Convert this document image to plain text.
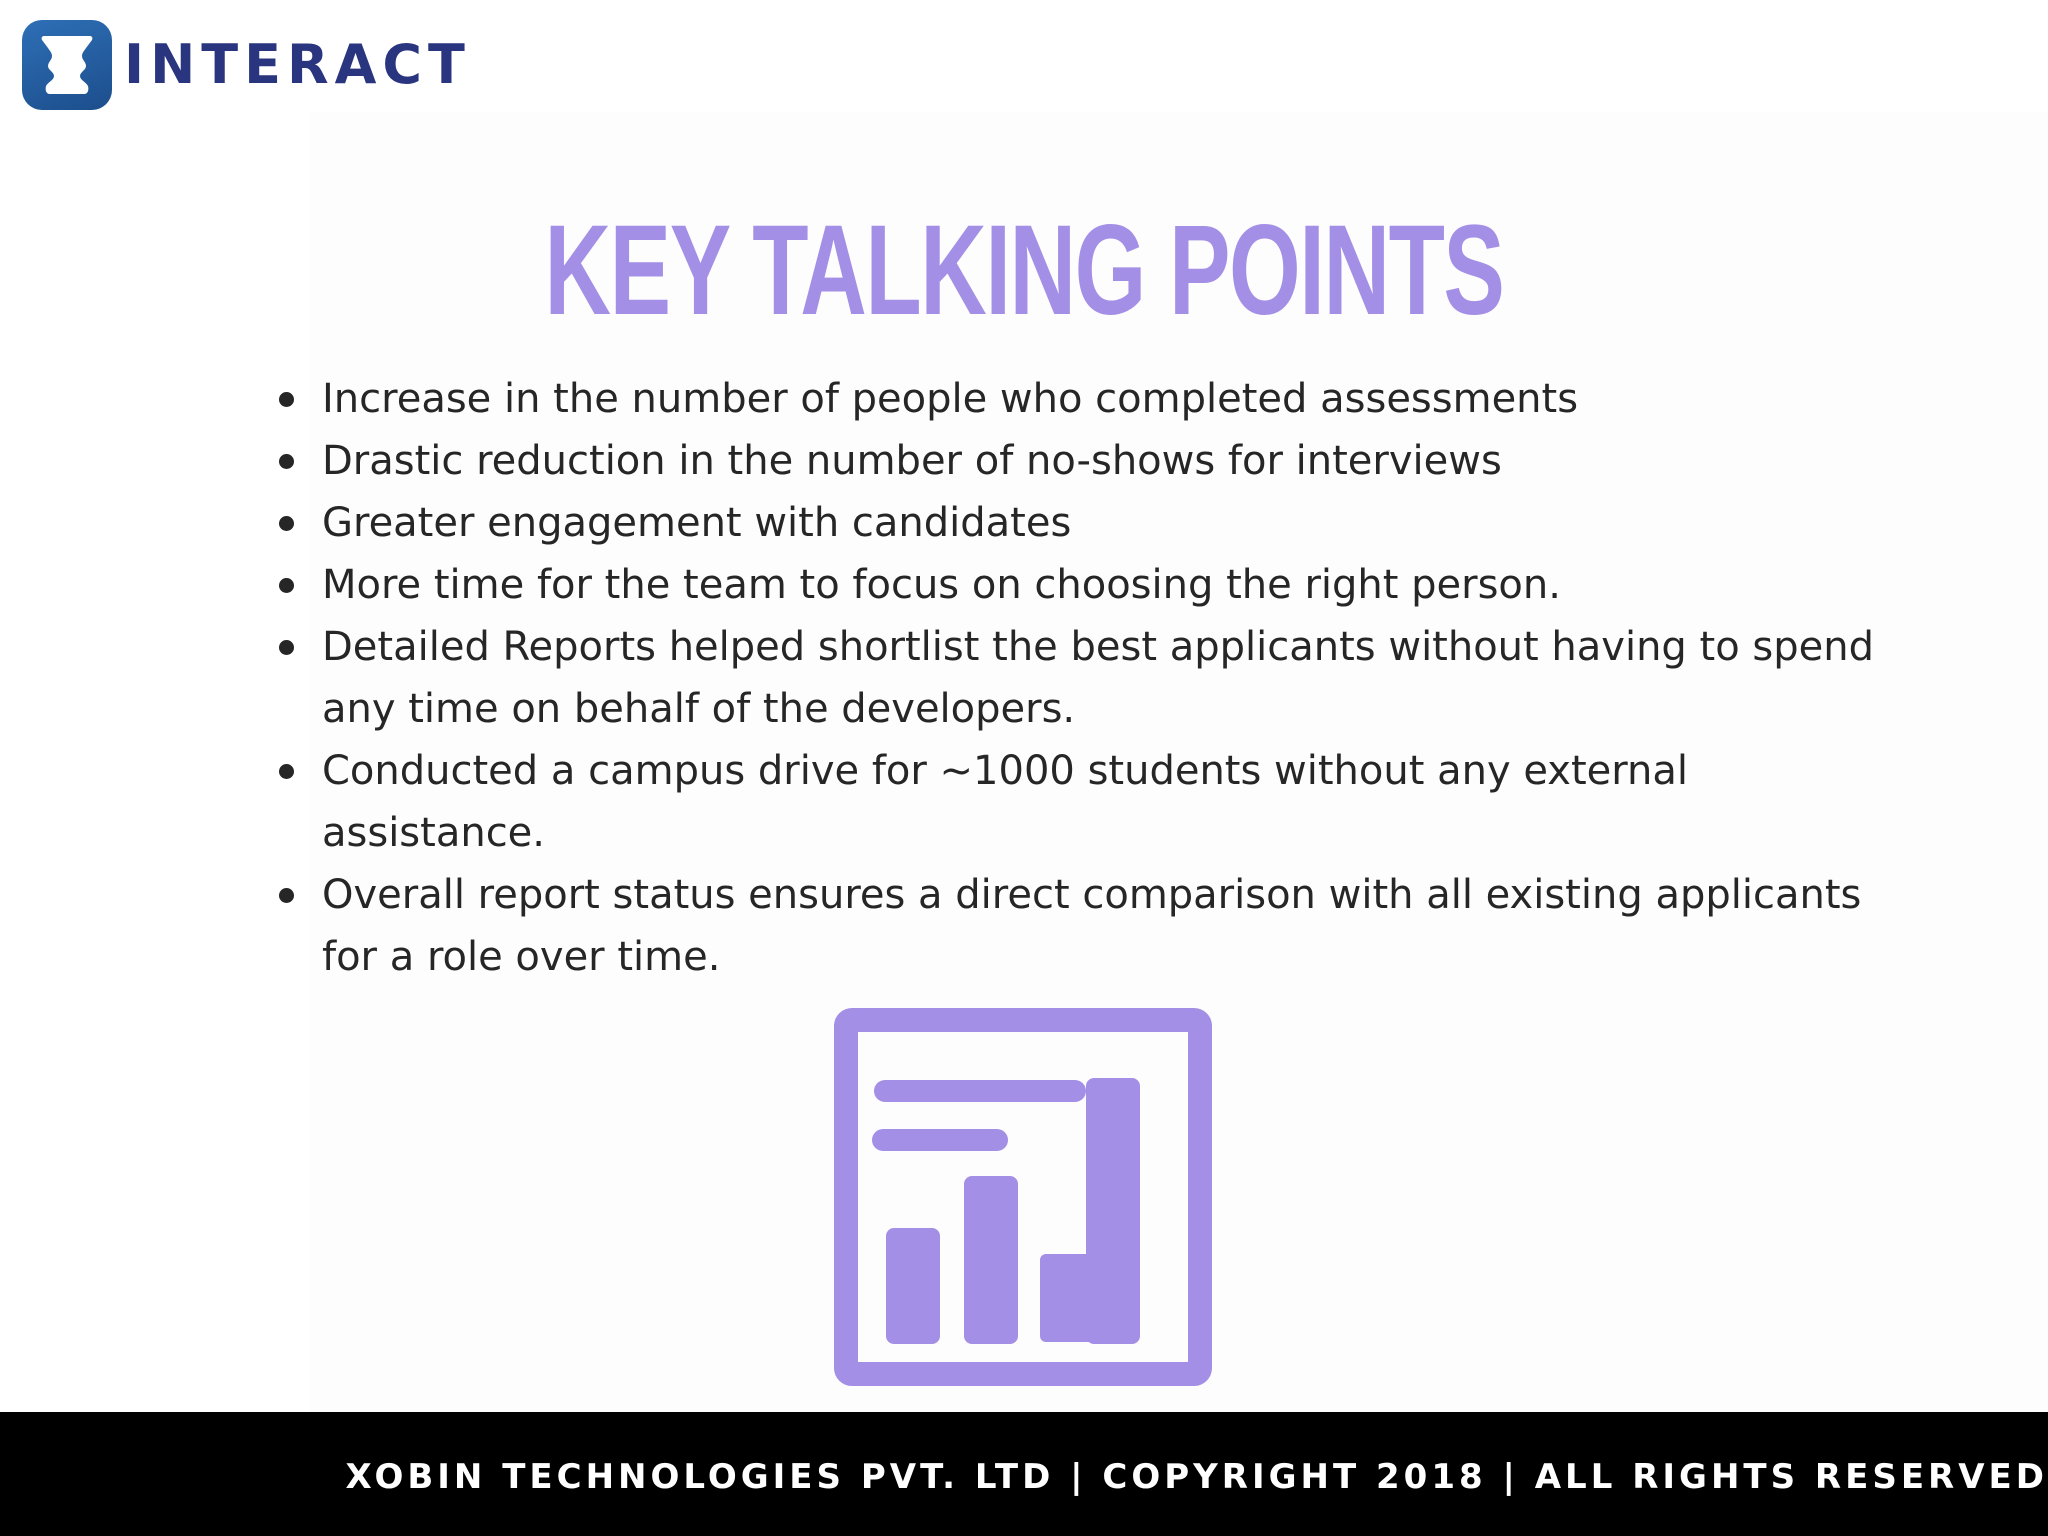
INTERACT
KEY TALKING POINTS
Increase in the number of people who completed assessments
Drastic reduction in the number of no-shows for interviews
Greater engagement with candidates
More time for the team to focus on choosing the right person.
Detailed Reports helped shortlist the best applicants without having to spend any time on behalf of the developers.
Conducted a campus drive for ~1000 students without any external assistance.
Overall report status ensures a direct comparison with all existing applicants for a role over time.
XOBIN TECHNOLOGIES PVT. LTD | COPYRIGHT 2018 | ALL RIGHTS RESERVED
